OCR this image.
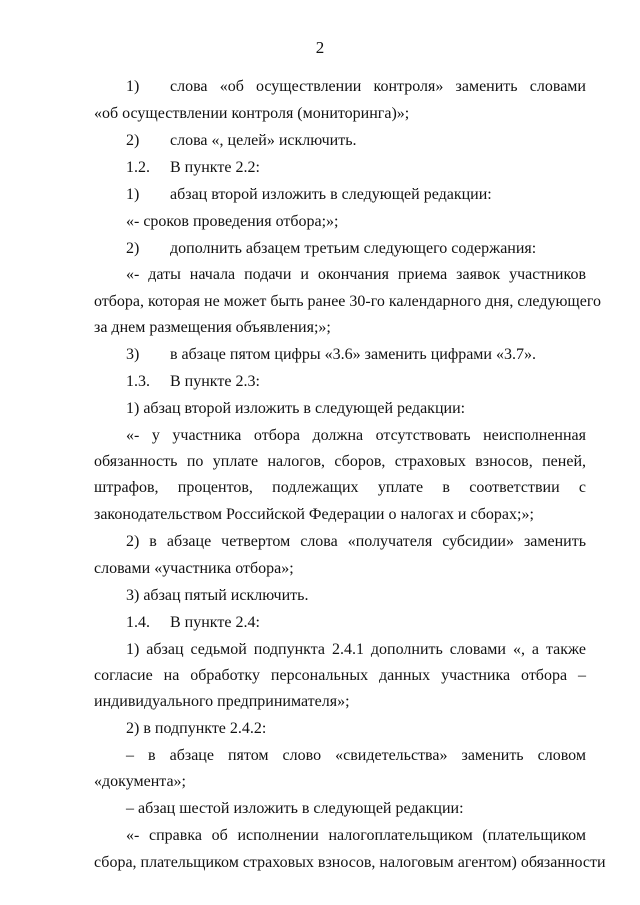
2
1) слова «об осуществлении контроля» заменить словами
«об осуществлении контроля (мониторинга)»;
2) слова «, целей» исключить.
1.2. В пункте 2.2:
1) абзац второй изложить в следующей редакции:
«- сроков проведения отбора;»;
2) дополнить абзацем третьим следующего содержания:
«- даты начала подачи и окончания приема заявок участников
отбора, которая не может быть ранее 30-го календарного дня, следующего
за днем размещения объявления;»;
3) в абзаце пятом цифры «3.6» заменить цифрами «3.7».
1.3. В пункте 2.3:
1) абзац второй изложить в следующей редакции:
«- у участника отбора должна отсутствовать неисполненная
обязанность по уплате налогов, сборов, страховых взносов, пеней,
штрафов, процентов, подлежащих уплате в соответствии с
законодательством Российской Федерации о налогах и сборах;»;
2) в абзаце четвертом слова «получателя субсидии» заменить
словами «участника отбора»;
3) абзац пятый исключить.
1.4. В пункте 2.4:
1) абзац седьмой подпункта 2.4.1 дополнить словами «, а также
согласие на обработку персональных данных участника отбора –
индивидуального предпринимателя»;
2) в подпункте 2.4.2:
– в абзаце пятом слово «свидетельства» заменить словом
«документа»;
– абзац шестой изложить в следующей редакции:
«- справка об исполнении налогоплательщиком (плательщиком
сбора, плательщиком страховых взносов, налоговым агентом) обязанности
